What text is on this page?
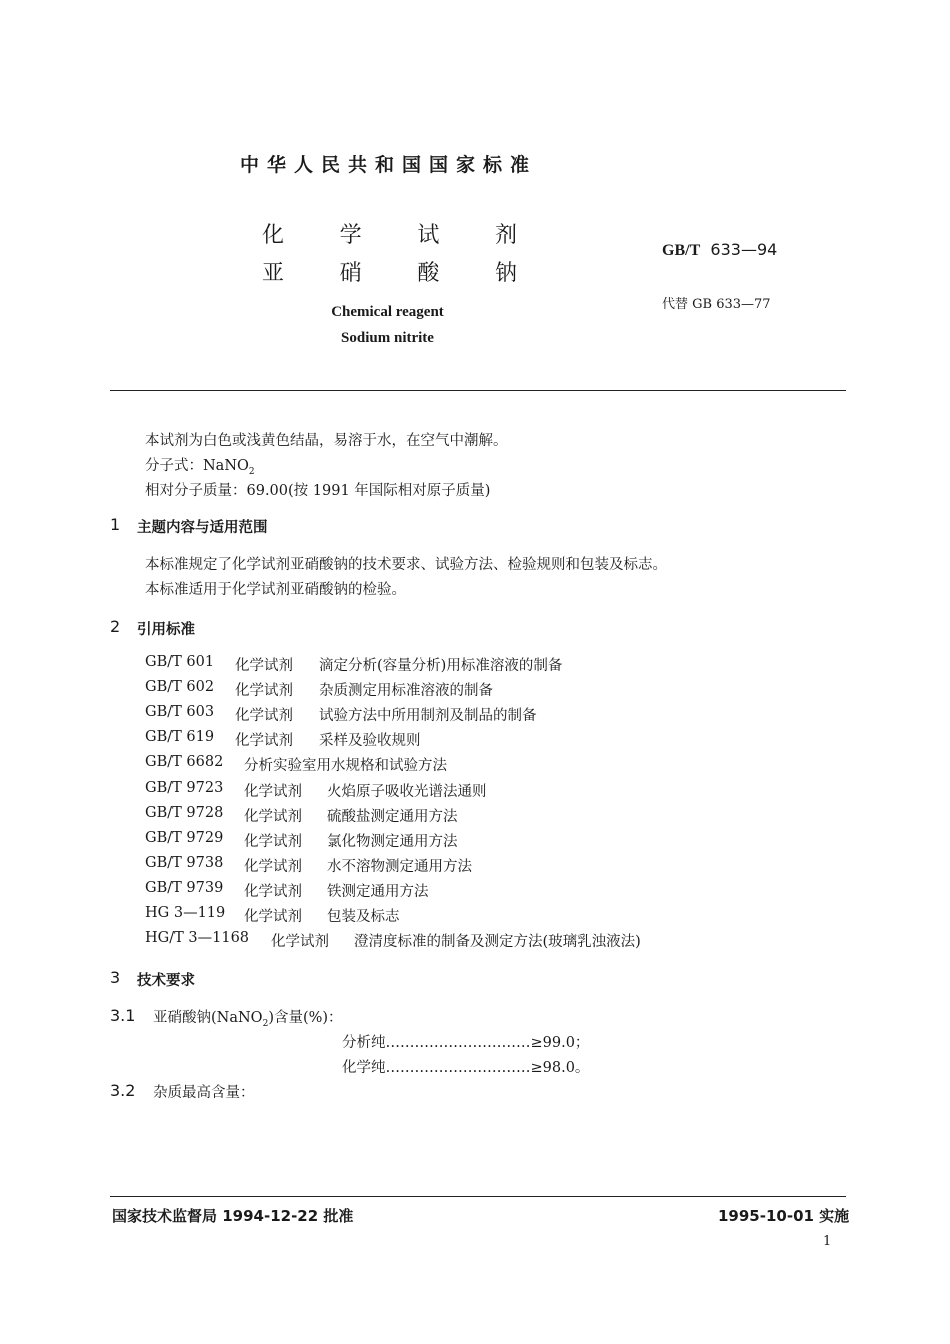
中华人民共和国国家标准
化	学	试	剂
亚	硝	酸	钠
Chemical reagent
Sodium nitrite
GB/T 633—94
代替 GB 633—77
本试剂为白色或浅黄色结晶，易溶于水，在空气中潮解。
分子式：NaNO$_2$
相对分子质量：69.00(按 1991 年国际相对原子质量)
1 主题内容与适用范围
本标准规定了化学试剂亚硝酸钠的技术要求、试验方法、检验规则和包装及标志。
本标准适用于化学试剂亚硝酸钠的检验。
2 引用标准
GB/T 601 化学试剂 滴定分析(容量分析)用标准溶液的制备
GB/T 602 化学试剂 杂质测定用标准溶液的制备
GB/T 603 化学试剂 试验方法中所用制剂及制品的制备
GB/T 619 化学试剂 采样及验收规则
GB/T 6682 分析实验室用水规格和试验方法
GB/T 9723 化学试剂 火焰原子吸收光谱法通则
GB/T 9728 化学试剂 硫酸盐测定通用方法
GB/T 9729 化学试剂 氯化物测定通用方法
GB/T 9738 化学试剂 水不溶物测定通用方法
GB/T 9739 化学试剂 铁测定通用方法
HG 3—119 化学试剂 包装及标志
HG/T 3—1168 化学试剂 澄清度标准的制备及测定方法(玻璃乳浊液法)
3 技术要求
3.1 亚硝酸钠(NaNO$_2$)含量(%)：
分析纯…………………………≥99.0；
化学纯…………………………≥98.0。
3.2 杂质最高含量：
国家技术监督局 1994-12-22 批准	1995-10-01 实施
1
